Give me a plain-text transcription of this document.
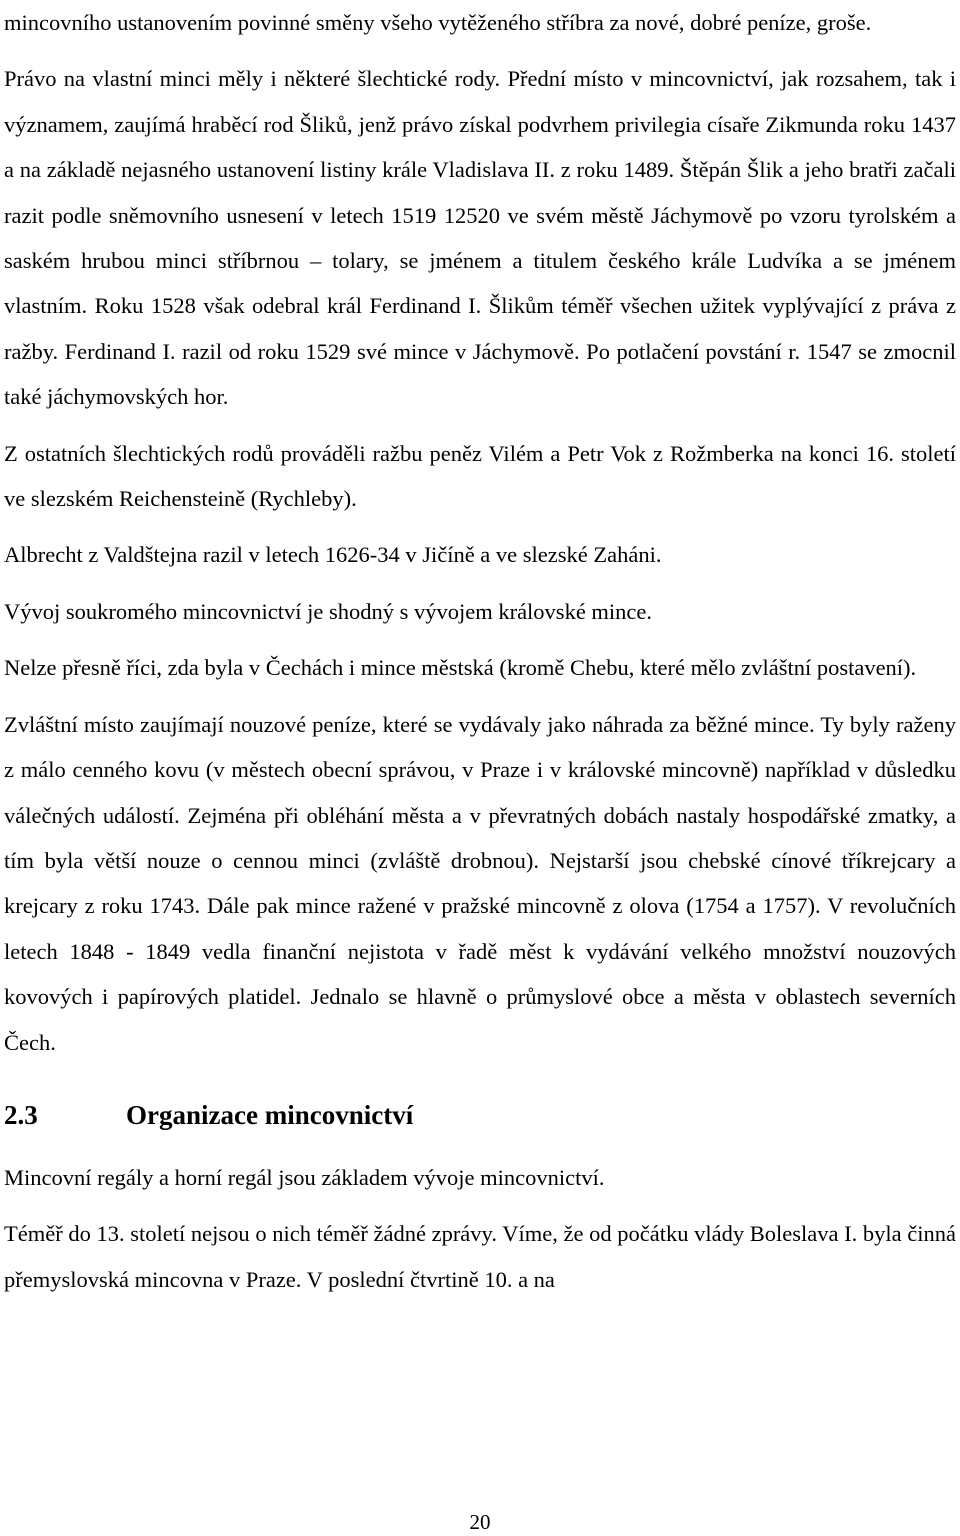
mincovního ustanovením povinné směny všeho vytěženého stříbra za nové, dobré peníze, groše.

Právo na vlastní minci měly i některé šlechtické rody. Přední místo v mincovnictví, jak rozsahem, tak i významem, zaujímá hraběcí rod Šliků, jenž právo získal podvrhem privilegia císaře Zikmunda roku 1437 a na základě nejasného ustanovení listiny krále Vladislava II. z roku 1489. Štěpán Šlik a jeho bratři začali razit podle sněmovního usnesení v letech 1519 12520 ve svém městě Jáchymově po vzoru tyrolském a saském hrubou minci stříbrnou – tolary, se jménem a titulem českého krále Ludvíka a se jménem vlastním. Roku 1528 však odebral král Ferdinand I. Šlikům téměř všechen užitek vyplývající z práva z ražby. Ferdinand I. razil od roku 1529 své mince v Jáchymově. Po potlačení povstání r. 1547 se zmocnil také jáchymovských hor.

Z ostatních šlechtických rodů prováděli ražbu peněz Vilém a Petr Vok z Rožmberka na konci 16. století ve slezském Reichensteině (Rychleby).

Albrecht z Valdštejna razil v letech 1626-34 v Jičíně a ve slezské Zaháni.

Vývoj soukromého mincovnictví je shodný s vývojem královské mince.

Nelze přesně říci, zda byla v Čechách i mince městská (kromě Chebu, které mělo zvláštní postavení).

Zvláštní místo zaujímají nouzové peníze, které se vydávaly jako náhrada za běžné mince. Ty byly raženy z málo cenného kovu (v městech obecní správou, v Praze i v královské mincovně) například v důsledku válečných událostí. Zejména při obléhání města a v převratných dobách nastaly hospodářské zmatky, a tím byla větší nouze o cennou minci (zvláště drobnou). Nejstarší jsou chebské cínové tříkrejcary a krejcary z roku 1743. Dále pak mince ražené v pražské mincovně z olova (1754 a 1757). V revolučních letech 1848 - 1849 vedla finanční nejistota v řadě měst k vydávání velkého množství nouzových kovových i papírových platidel. Jednalo se hlavně o průmyslové obce a města v oblastech severních Čech.

2.3	Organizace mincovnictví

Mincovní regály a horní regál jsou základem vývoje mincovnictví.

Téměř do 13. století nejsou o nich téměř žádné zprávy. Víme, že od počátku vlády Boleslava I. byla činná přemyslovská mincovna v Praze. V poslední čtvrtině 10. a na

20
